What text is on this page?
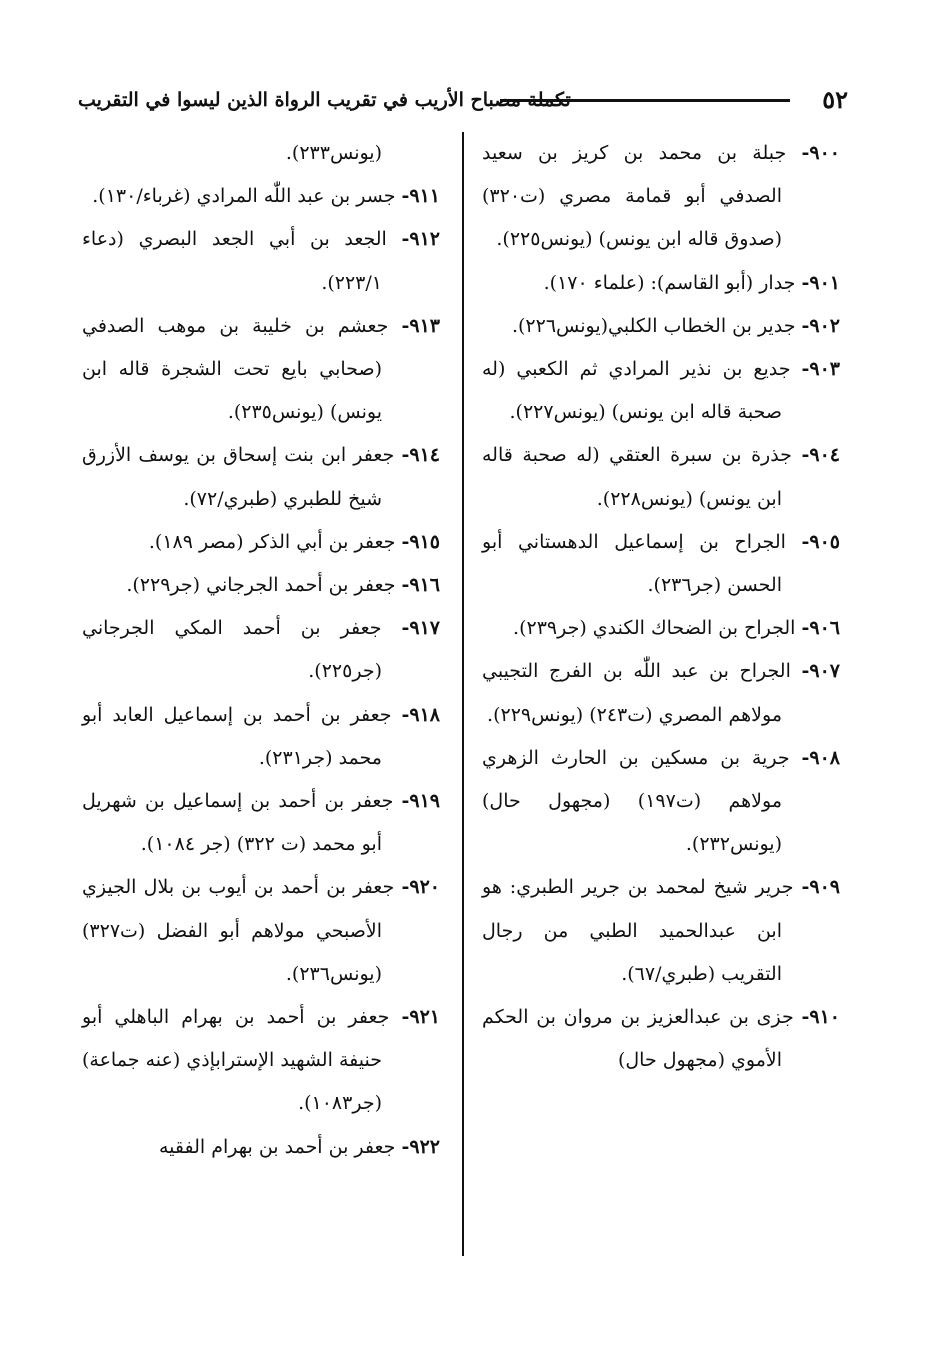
٥٢
تكملة مصباح الأريب في تقريب الرواة الذين ليسوا في التقريب

٩٠٠- جبلة بن محمد بن كريز بن سعيد الصدفي أبو قمامة مصري (ت٣٢٠) (صدوق قاله ابن يونس) (يونس٢٢٥).

٩٠١- جدار (أبو القاسم): (علماء ١٧٠).

٩٠٢- جدير بن الخطاب الكلبي(يونس٢٢٦).

٩٠٣- جديع بن نذير المرادي ثم الكعبي (له صحبة قاله ابن يونس) (يونس٢٢٧).

٩٠٤- جذرة بن سبرة العتقي (له صحبة قاله ابن يونس) (يونس٢٢٨).

٩٠٥- الجراح بن إسماعيل الدهستاني أبو الحسن (جر٢٣٦).

٩٠٦- الجراح بن الضحاك الكندي (جر٢٣٩).

٩٠٧- الجراح بن عبد اللّٰه بن الفرج التجيبي مولاهم المصري (ت٢٤٣) (يونس٢٢٩).

٩٠٨- جرية بن مسكين بن الحارث الزهري مولاهم (ت١٩٧) (مجهول حال) (يونس٢٣٢).

٩٠٩- جرير شيخ لمحمد بن جرير الطبري: هو ابن عبدالحميد الطبي من رجال التقريب (طبري/٦٧).

٩١٠- جزى بن عبدالعزيز بن مروان بن الحكم الأموي (مجهول حال)

(يونس٢٣٣).

٩١١- جسر بن عبد اللّٰه المرادي (غرباء/١٣٠).

٩١٢- الجعد بن أبي الجعد البصري (دعاء ٢٢٣/١).

٩١٣- جعشم بن خليبة بن موهب الصدفي (صحابي بايع تحت الشجرة قاله ابن يونس) (يونس٢٣٥).

٩١٤- جعفر ابن بنت إسحاق بن يوسف الأزرق شيخ للطبري (طبري/٧٢).

٩١٥- جعفر بن أبي الذكر (مصر ١٨٩).

٩١٦- جعفر بن أحمد الجرجاني (جر٢٢٩).

٩١٧- جعفر بن أحمد المكي الجرجاني (جر٢٢٥).

٩١٨- جعفر بن أحمد بن إسماعيل العابد أبو محمد (جر٢٣١).

٩١٩- جعفر بن أحمد بن إسماعيل بن شهريل أبو محمد (ت ٣٢٢) (جر ١٠٨٤).

٩٢٠- جعفر بن أحمد بن أيوب بن بلال الجيزي الأصبحي مولاهم أبو الفضل (ت٣٢٧) (يونس٢٣٦).

٩٢١- جعفر بن أحمد بن بهرام الباهلي أبو حنيفة الشهيد الإسترابإذي (عنه جماعة) (جر١٠٨٣).

٩٢٢- جعفر بن أحمد بن بهرام الفقيه
